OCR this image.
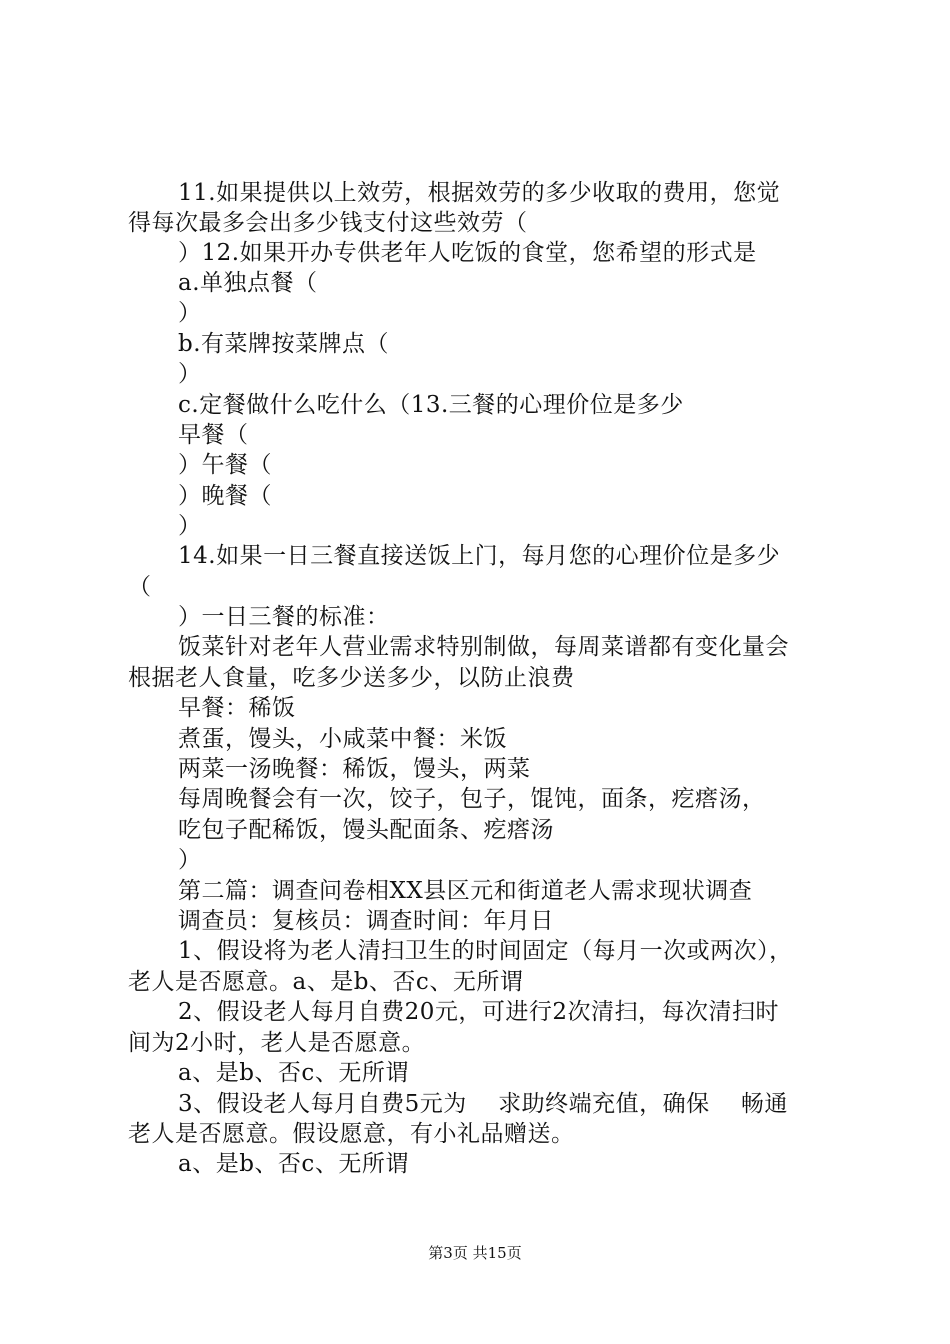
11.如果提供以上效劳，根据效劳的多少收取的费用，您觉
得每次最多会出多少钱支付这些效劳（
）12.如果开办专供老年人吃饭的食堂，您希望的形式是
a.单独点餐（
）
b.有菜牌按菜牌点（
）
c.定餐做什么吃什么（13.三餐的心理价位是多少
早餐（
）午餐（
）晚餐（
）
14.如果一日三餐直接送饭上门，每月您的心理价位是多少
（
）一日三餐的标准：
饭菜针对老年人营业需求特别制做，每周菜谱都有变化量会
根据老人食量，吃多少送多少，以防止浪费
早餐：稀饭
煮蛋，馒头，小咸菜中餐：米饭
两菜一汤晚餐：稀饭，馒头，两菜
每周晚餐会有一次，饺子，包子，馄饨，面条，疙瘩汤，
吃包子配稀饭，馒头配面条、疙瘩汤
）
第二篇：调查问卷相XX县区元和街道老人需求现状调查
调查员：复核员：调查时间：年月日
1、假设将为老人清扫卫生的时间固定（每月一次或两次），
老人是否愿意。a、是b、否c、无所谓
2、假设老人每月自费20元，可进行2次清扫，每次清扫时
间为2小时，老人是否愿意。
a、是b、否c、无所谓
3、假设老人每月自费5元为　 求助终端充值，确保　 畅通
老人是否愿意。假设愿意，有小礼品赠送。
a、是b、否c、无所谓
第3页 共15页
